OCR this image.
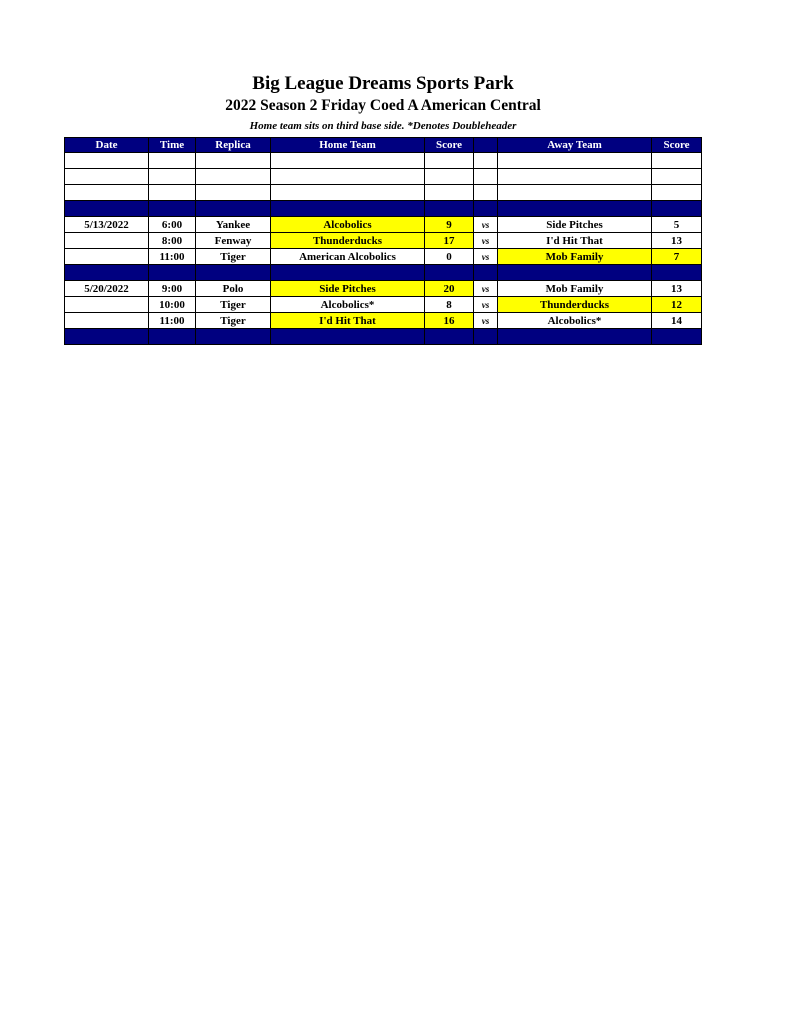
Big League Dreams Sports Park
2022 Season 2 Friday Coed A American Central
Home team sits on third base side. *Denotes Doubleheader
Date	Time	Replica	Home Team	Score		Away Team	Score

5/13/2022	6:00	Yankee	Alcobolics	9	vs	Side Pitches	5
	8:00	Fenway	Thunderducks	17	vs	I'd Hit That	13
	11:00	Tiger	American Alcobolics	0	vs	Mob Family	7

5/20/2022	9:00	Polo	Side Pitches	20	vs	Mob Family	13
	10:00	Tiger	Alcobolics*	8	vs	Thunderducks	12
	11:00	Tiger	I'd Hit That	16	vs	Alcobolics*	14
